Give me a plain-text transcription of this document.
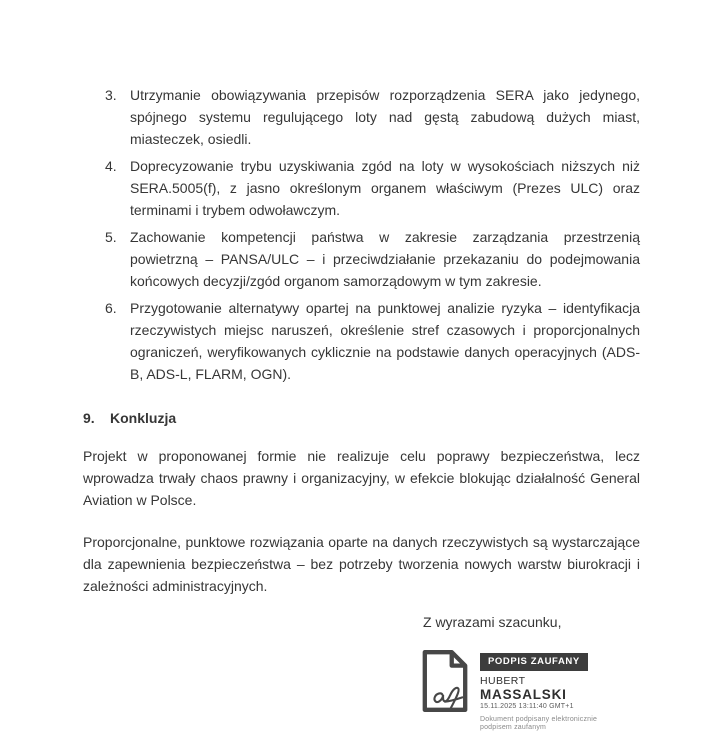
3. Utrzymanie obowiązywania przepisów rozporządzenia SERA jako jedynego, spójnego systemu regulującego loty nad gęstą zabudową dużych miast, miasteczek, osiedli.
4. Doprecyzowanie trybu uzyskiwania zgód na loty w wysokościach niższych niż SERA.5005(f), z jasno określonym organem właściwym (Prezes ULC) oraz terminami i trybem odwoławczym.
5. Zachowanie kompetencji państwa w zakresie zarządzania przestrzenią powietrzną – PANSA/ULC – i przeciwdziałanie przekazaniu do podejmowania końcowych decyzji/zgód organom samorządowym w tym zakresie.
6. Przygotowanie alternatywy opartej na punktowej analizie ryzyka – identyfikacja rzeczywistych miejsc naruszeń, określenie stref czasowych i proporcjonalnych ograniczeń, weryfikowanych cyklicznie na podstawie danych operacyjnych (ADS-B, ADS-L, FLARM, OGN).
9.	Konkluzja

Projekt w proponowanej formie nie realizuje celu poprawy bezpieczeństwa, lecz wprowadza trwały chaos prawny i organizacyjny, w efekcie blokując działalność General Aviation w Polsce.

Proporcjonalne, punktowe rozwiązania oparte na danych rzeczywistych są wystarczające dla zapewnienia bezpieczeństwa – bez potrzeby tworzenia nowych warstw biurokracji i zależności administracyjnych.

Z wyrazami szacunku,
PODPIS ZAUFANY
HUBERT
MASSALSKI
15.11.2025 13:11:40 GMT+1
Dokument podpisany elektronicznie
podpisem zaufanym
